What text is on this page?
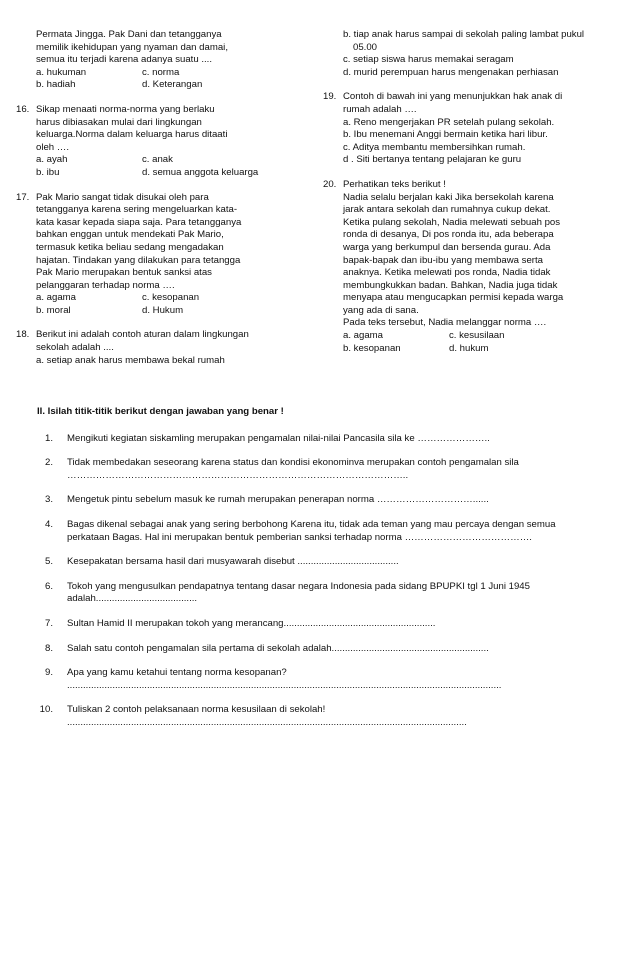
Permata Jingga. Pak Dani dan tetangganya
memilik ikehidupan yang nyaman dan damai,
semua itu terjadi karena adanya suatu ....
a. hukuman	c. norma
b. hadiah	d. Keterangan
16. Sikap menaati norma-norma yang berlaku
harus dibiasakan mulai dari lingkungan
keluarga.Norma dalam keluarga harus ditaati
oleh ….
a. ayah	c. anak
b. ibu	d. semua anggota keluarga
17. Pak Mario sangat tidak disukai oleh para
tetangganya karena sering mengeluarkan kata-
kata kasar kepada siapa saja. Para tetangganya
bahkan enggan untuk mendekati Pak Mario,
termasuk ketika beliau sedang mengadakan
hajatan. Tindakan yang dilakukan para tetangga
Pak Mario merupakan bentuk sanksi atas
pelanggaran terhadap norma ….
a. agama	c. kesopanan
b. moral	d. Hukum
18. Berikut ini adalah contoh aturan dalam lingkungan
sekolah adalah ....
a. setiap anak harus membawa bekal rumah
b. tiap anak harus sampai di sekolah paling lambat pukul
05.00
c. setiap siswa harus memakai seragam
d. murid perempuan harus mengenakan perhiasan
19. Contoh di bawah ini yang menunjukkan hak anak di
rumah adalah ….
a. Reno mengerjakan PR setelah pulang sekolah.
b. Ibu menemani Anggi bermain ketika hari libur.
c. Aditya membantu membersihkan rumah.
d . Siti bertanya tentang pelajaran ke guru
20. Perhatikan teks berikut !
Nadia selalu berjalan kaki Jika bersekolah karena
jarak antara sekolah dan rumahnya cukup dekat.
Ketika pulang sekolah, Nadia melewati sebuah pos
ronda di desanya, Di pos ronda itu, ada beberapa
warga yang berkumpul dan bersenda gurau. Ada
bapak-bapak dan ibu-ibu yang membawa serta
anaknya. Ketika melewati pos ronda, Nadia tidak
membungkukkan badan. Bahkan, Nadia juga tidak
menyapa atau mengucapkan permisi kepada warga
yang ada di sana.
Pada teks tersebut, Nadia melanggar norma ….
a. agama	c. kesusilaan
b. kesopanan	d. hukum
II. Isilah titik-titik berikut dengan jawaban yang benar !
1. Mengikuti kegiatan siskamling merupakan pengamalan nilai-nilai Pancasila sila ke …………………..
2. Tidak membedakan seseorang karena status dan kondisi ekonominva merupakan contoh pengamalan sila
……………………………………………………………………………………………..
3. Mengetuk pintu sebelum masuk ke rumah merupakan penerapan norma …………………………......
4. Bagas dikenal sebagai anak yang sering berbohong Karena itu, tidak ada teman yang mau percaya dengan semua
perkataan Bagas. Hal ini merupakan bentuk pemberian sanksi terhadap norma ………………………………….
5. Kesepakatan bersama hasil dari musyawarah disebut ......................................
6. Tokoh yang mengusulkan pendapatnya tentang dasar negara Indonesia pada sidang BPUPKI tgl 1 Juni 1945
adalah......................................
7. Sultan Hamid II merupakan tokoh yang merancang.........................................................
8. Salah satu contoh pengamalan sila pertama di sekolah adalah...........................................................
9. Apa yang kamu ketahui tentang norma kesopanan?
...................................................................................................................................................................
10. Tuliskan 2 contoh pelaksanaan norma kesusilaan di sekolah!
......................................................................................................................................................
